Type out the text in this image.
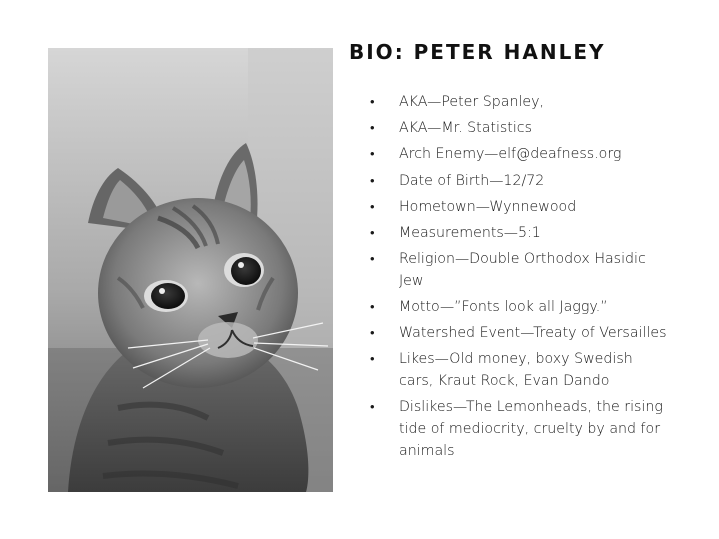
BIO: PETER HANLEY
• AKA—Peter Spanley,
• AKA—Mr. Statistics
• Arch Enemy—elf@deafness.org
• Date of Birth—12/72
• Hometown—Wynnewood
• Measurements—5:1
• Religion—Double Orthodox Hasidic Jew
• Motto—”Fonts look all Jaggy.”
• Watershed Event—Treaty of Versailles
• Likes—Old money, boxy Swedish cars, Kraut Rock, Evan Dando
• Dislikes—The Lemonheads, the rising tide of mediocrity, cruelty by and for animals
